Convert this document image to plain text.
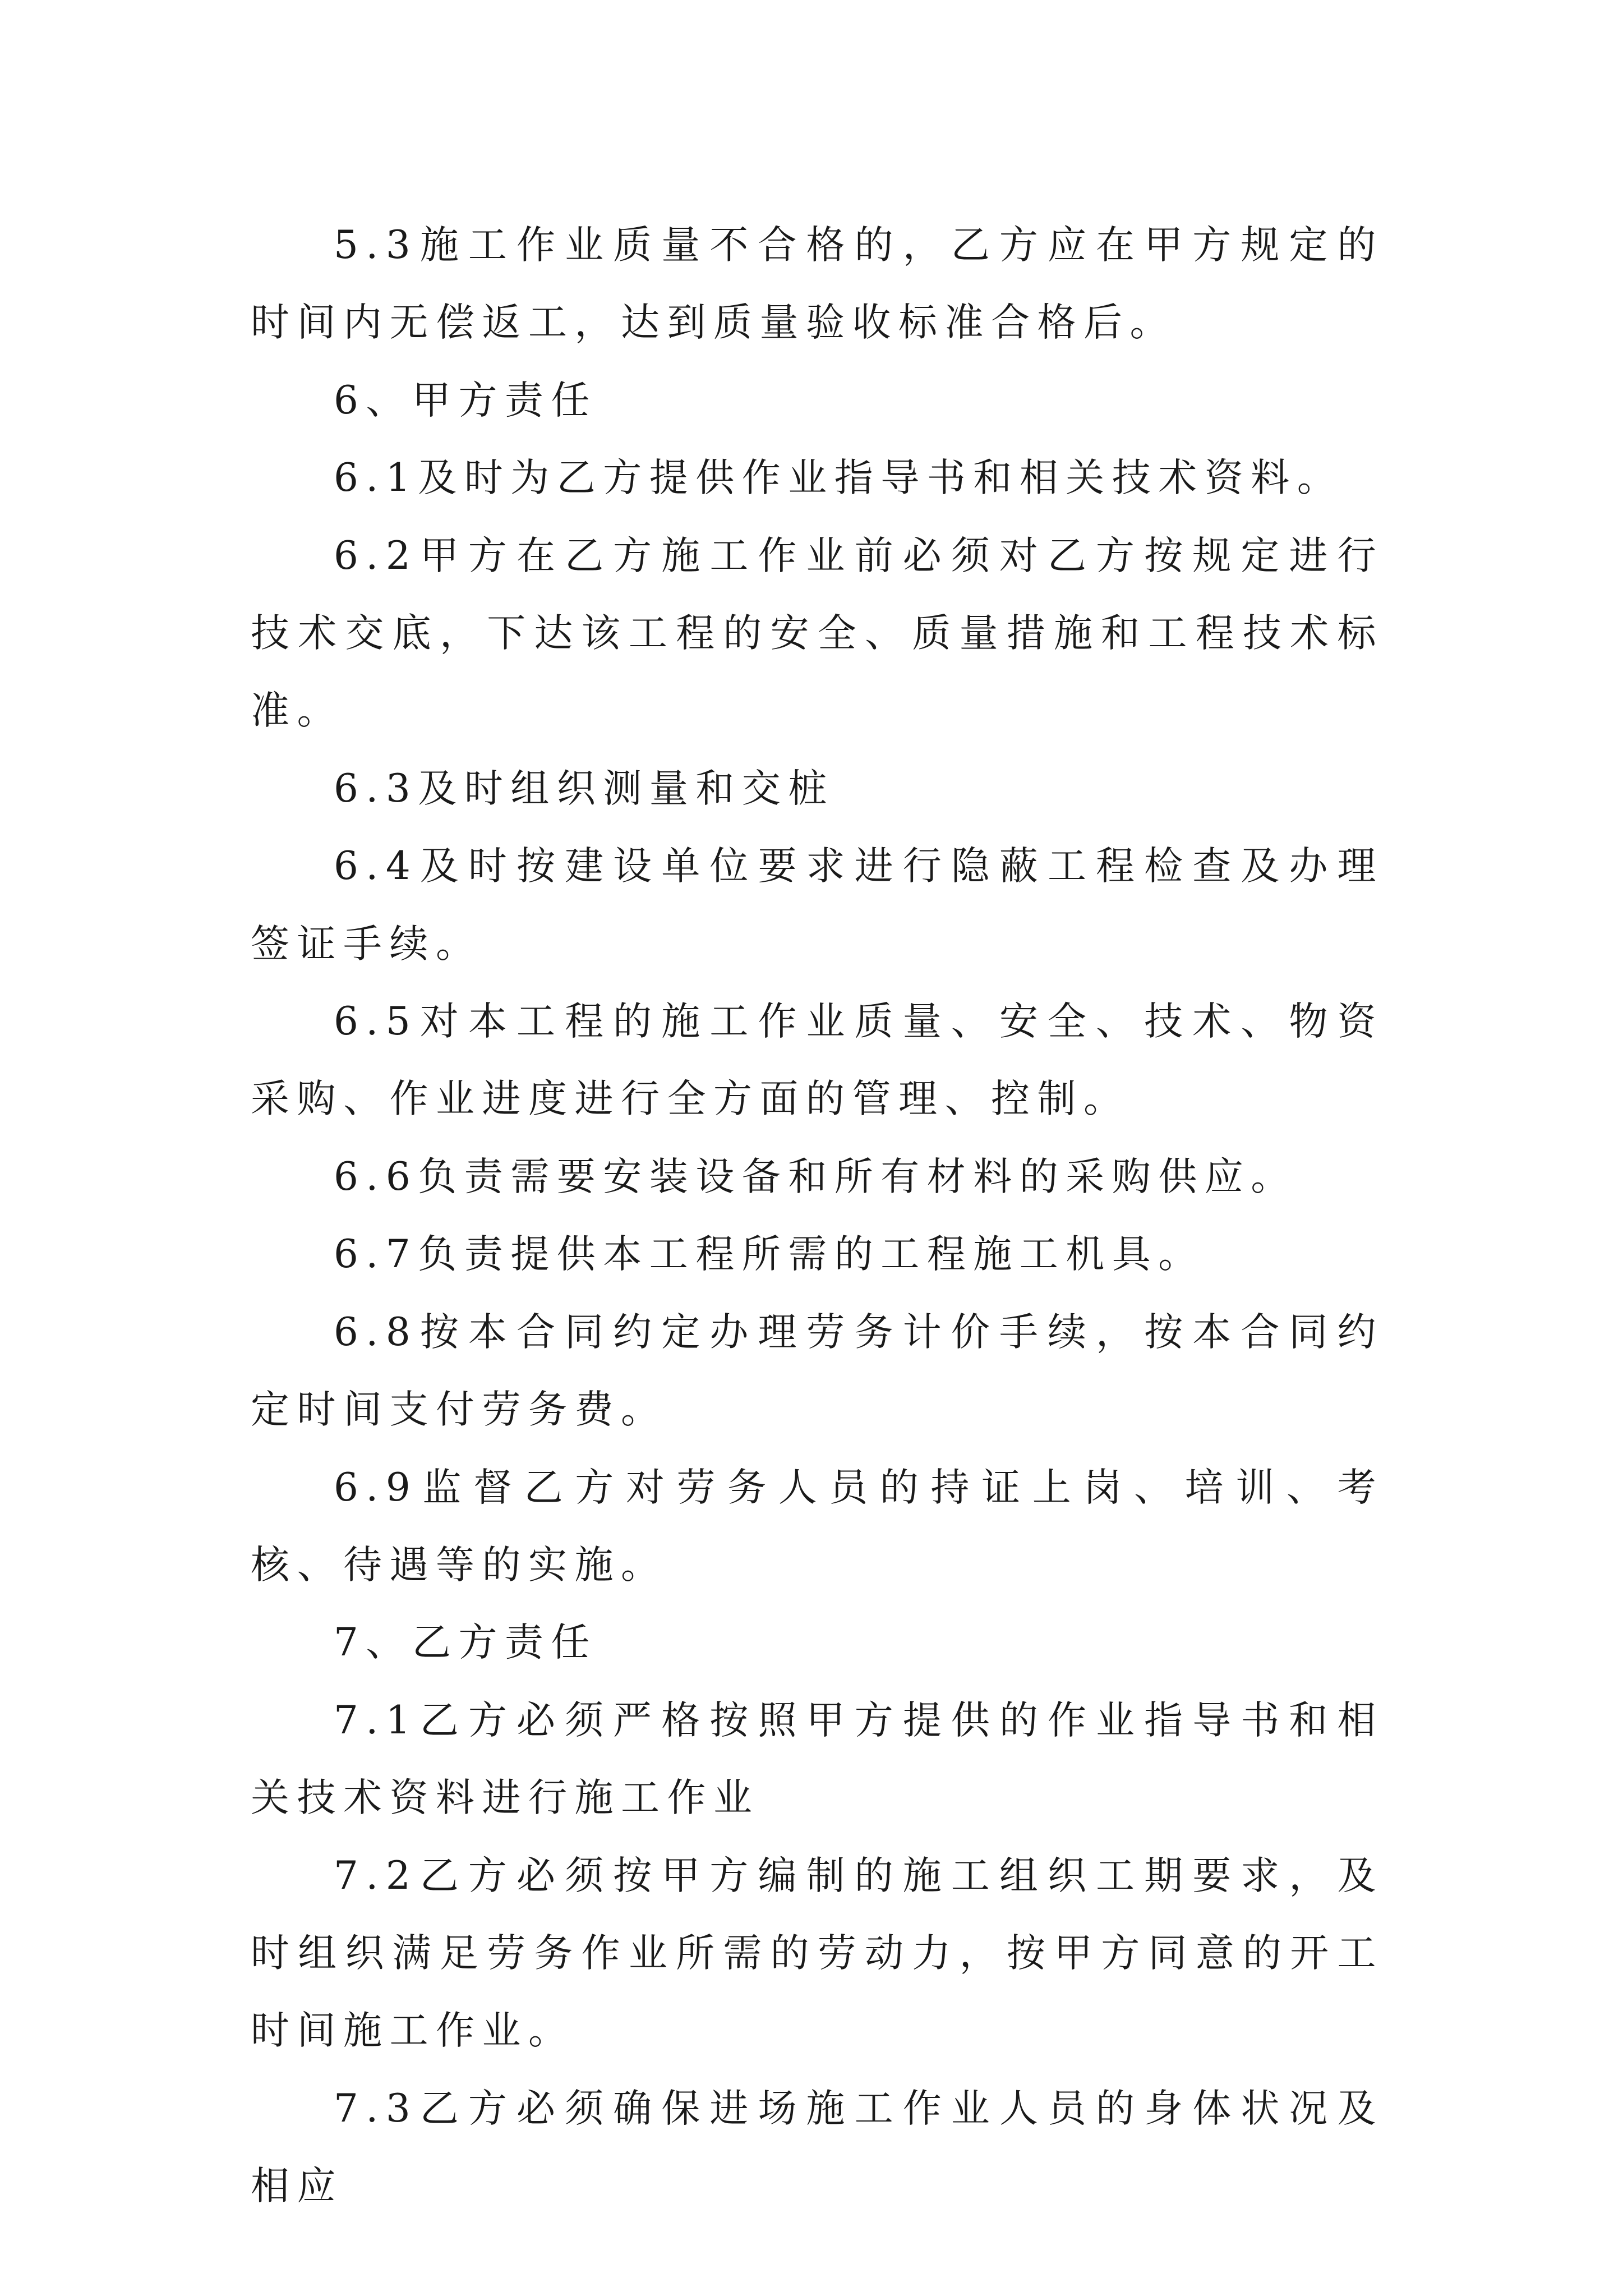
5.3施工作业质量不合格的，乙方应在甲方规定的时间内无偿返工，达到质量验收标准合格后。

6、甲方责任

6.1及时为乙方提供作业指导书和相关技术资料。

6.2甲方在乙方施工作业前必须对乙方按规定进行技术交底，下达该工程的安全、质量措施和工程技术标准。

6.3及时组织测量和交桩

6.4及时按建设单位要求进行隐蔽工程检查及办理签证手续。

6.5对本工程的施工作业质量、安全、技术、物资采购、作业进度进行全方面的管理、控制。

6.6负责需要安装设备和所有材料的采购供应。

6.7负责提供本工程所需的工程施工机具。

6.8按本合同约定办理劳务计价手续，按本合同约定时间支付劳务费。

6.9监督乙方对劳务人员的持证上岗、培训、考核、待遇等的实施。

7、乙方责任

7.1乙方必须严格按照甲方提供的作业指导书和相关技术资料进行施工作业

7.2乙方必须按甲方编制的施工组织工期要求，及时组织满足劳务作业所需的劳动力，按甲方同意的开工时间施工作业。

7.3乙方必须确保进场施工作业人员的身体状况及相应
